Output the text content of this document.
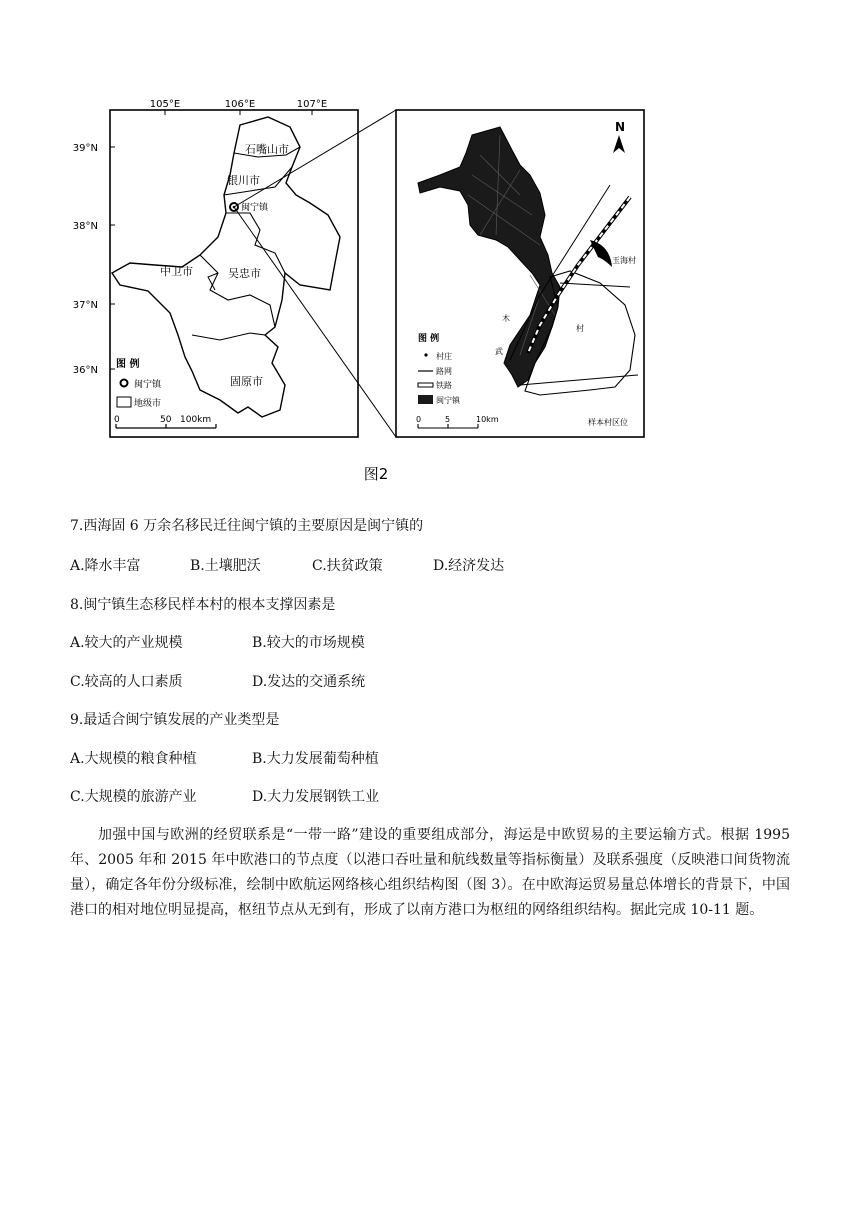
105°E	106°E	107°E
39°N
38°N
37°N
36°N
石嘴山市
银川市
闽宁镇
中卫市	吴忠市
固原市
图 例
闽宁镇
地级市
0	50 100km
N
玉海村
木
武
村
图 例
村庄
路网
铁路
闽宁镇
0	5	10km	样本村区位
图2
7.西海固 6 万余名移民迁往闽宁镇的主要原因是闽宁镇的
A.降水丰富	B.土壤肥沃	C.扶贫政策	D.经济发达
8.闽宁镇生态移民样本村的根本支撑因素是
A.较大的产业规模	B.较大的市场规模
C.较高的人口素质	D.发达的交通系统
9.最适合闽宁镇发展的产业类型是
A.大规模的粮食种植	B.大力发展葡萄种植
C.大规模的旅游产业	D.大力发展钢铁工业
加强中国与欧洲的经贸联系是“一带一路”建设的重要组成部分，海运是中欧贸易的主要运输方式。根据 1995 年、2005 年和 2015 年中欧港口的节点度（以港口吞吐量和航线数量等指标衡量）及联系强度（反映港口间货物流量），确定各年份分级标准，绘制中欧航运网络核心组织结构图（图 3）。在中欧海运贸易量总体增长的背景下，中国港口的相对地位明显提高，枢纽节点从无到有，形成了以南方港口为枢纽的网络组织结构。据此完成 10-11 题。
